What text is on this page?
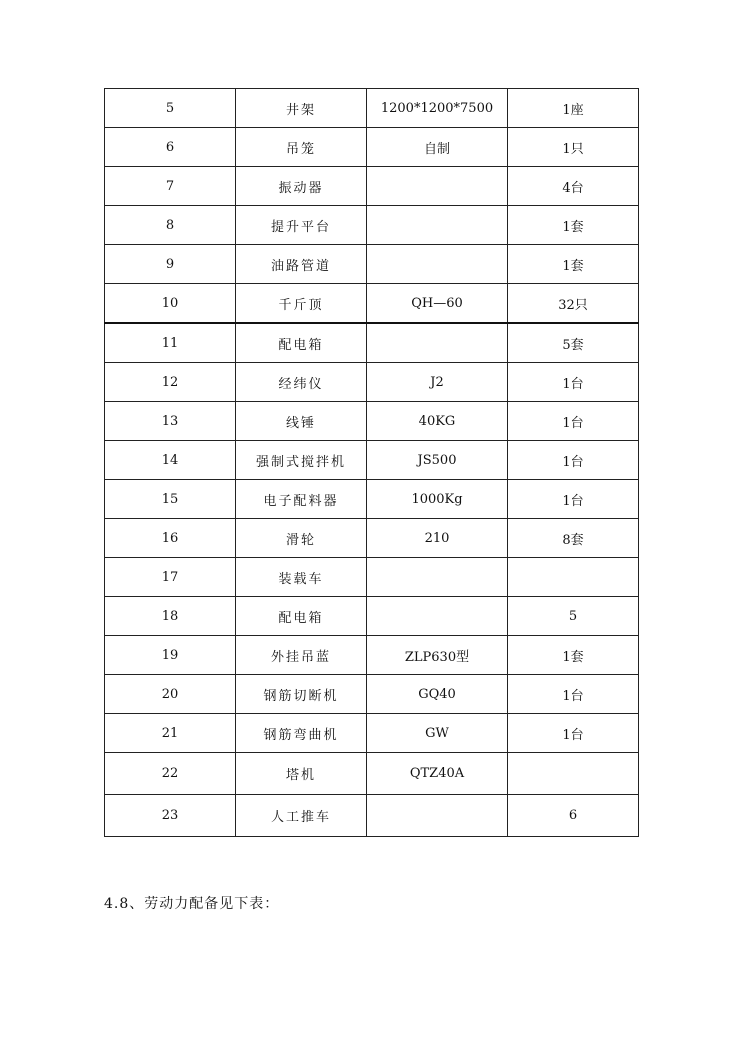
5	井架	1200*1200*7500	1座
6	吊笼	自制	1只
7	振动器		4台
8	提升平台		1套
9	油路管道		1套
10	千斤顶	QH—60	32只
11	配电箱		5套
12	经纬仪	J2	1台
13	线锤	40KG	1台
14	强制式搅拌机	JS500	1台
15	电子配料器	1000Kg	1台
16	滑轮	210	8套
17	装载车		
18	配电箱		5
19	外挂吊蓝	ZLP630型	1套
20	钢筋切断机	GQ40	1台
21	钢筋弯曲机	GW	1台
22	塔机	QTZ40A	
23	人工推车		6
4.8、劳动力配备见下表：
